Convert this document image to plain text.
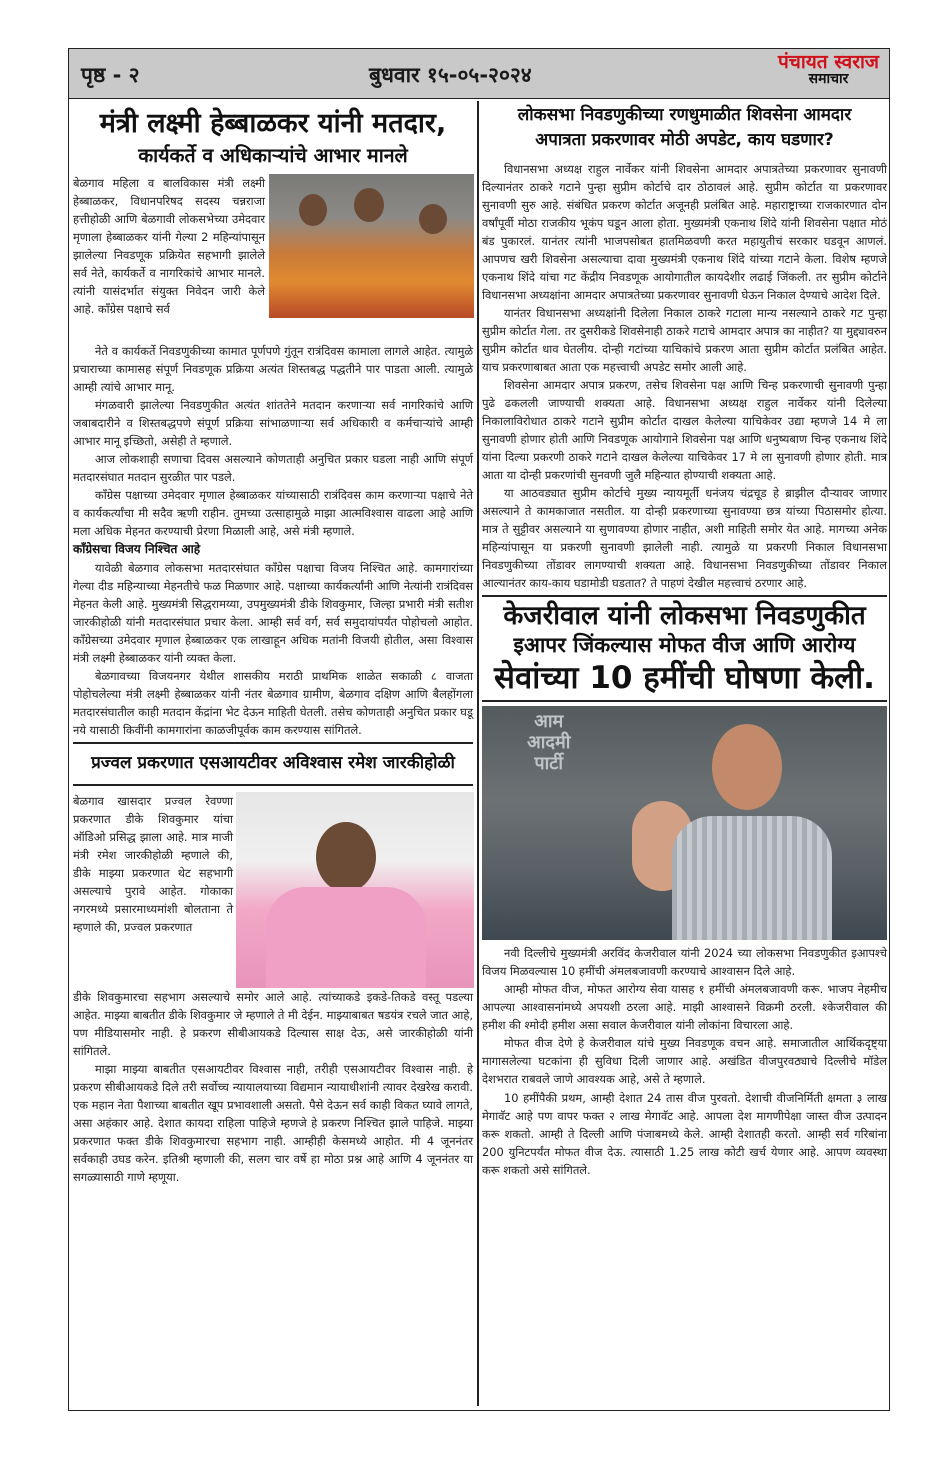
पृष्ठ - २	बुधवार १५-०५-२०२४
पंचायत स्वराज
समाचार
मंत्री लक्ष्मी हेब्बाळकर यांनी मतदार,
कार्यकर्ते व अधिकाऱ्यांचे आभार मानले
बेळगाव महिला व बालविकास मंत्री लक्ष्मी हेब्बाळकर, विधानपरिषद सदस्य चन्नराजा हत्तीहोळी आणि बेळगावी लोकसभेच्या उमेदवार मृणाला हेब्बाळकर यांनी गेल्या 2 महिन्यांपासून झालेल्या निवडणूक प्रक्रियेत सहभागी झालेले सर्व नेते, कार्यकर्ते व नागरिकांचे आभार मानले. त्यांनी यासंदर्भात संयुक्त निवेदन जारी केले आहे. काँग्रेस पक्षाचे सर्व

नेते व कार्यकर्ते निवडणुकीच्या कामात पूर्णपणे गुंतून रात्रंदिवस कामाला लागले आहेत. त्यामुळे प्रचाराच्या कामासह संपूर्ण निवडणूक प्रक्रिया अत्यंत शिस्तबद्ध पद्धतीने पार पाडता आली. त्यामुळे आम्ही त्यांचे आभार मानू.

मंगळवारी झालेल्या निवडणुकीत अत्यंत शांततेने मतदान करणाऱ्या सर्व नागरिकांचे आणि जबाबदारीने व शिस्तबद्धपणे संपूर्ण प्रक्रिया सांभाळणाऱ्या सर्व अधिकारी व कर्मचाऱ्यांचे आम्ही आभार मानू इच्छितो, असेही ते म्हणाले.

आज लोकशाही सणाचा दिवस असल्याने कोणताही अनुचित प्रकार घडला नाही आणि संपूर्ण मतदारसंघात मतदान सुरळीत पार पडले.

काँग्रेस पक्षाच्या उमेदवार मृणाल हेब्बाळकर यांच्यासाठी रात्रंदिवस काम करणाऱ्या पक्षाचे नेते व कार्यकर्त्यांचा मी सदैव ऋणी राहीन. तुमच्या उत्साहामुळे माझा आत्मविश्वास वाढला आहे आणि मला अधिक मेहनत करण्याची प्रेरणा मिळाली आहे, असे मंत्री म्हणाले.

काँग्रेसचा विजय निश्चित आहे

यावेळी बेळगाव लोकसभा मतदारसंघात काँग्रेस पक्षाचा विजय निश्चित आहे. कामगारांच्या गेल्या दीड महिन्याच्या मेहनतीचे फळ मिळणार आहे. पक्षाच्या कार्यकर्त्यांनी आणि नेत्यांनी रात्रंदिवस मेहनत केली आहे. मुख्यमंत्री सिद्धरामय्या, उपमुख्यमंत्री डीके शिवकुमार, जिल्हा प्रभारी मंत्री सतीश जारकीहोळी यांनी मतदारसंघात प्रचार केला. आम्ही सर्व वर्ग, सर्व समुदायांपर्यंत पोहोचलो आहोत. काँग्रेसच्या उमेदवार मृणाल हेब्बाळकर एक लाखाहून अधिक मतांनी विजयी होतील, असा विश्वास मंत्री लक्ष्मी हेब्बाळकर यांनी व्यक्त केला.

बेळगावच्या विजयनगर येथील शासकीय मराठी प्राथमिक शाळेत सकाळी ८ वाजता पोहोचलेल्या मंत्री लक्ष्मी हेब्बाळकर यांनी नंतर बेळगाव ग्रामीण, बेळगाव दक्षिण आणि बैलहोंगला मतदारसंघातील काही मतदान केंद्रांना भेट देऊन माहिती घेतली. तसेच कोणताही अनुचित प्रकार घडू नये यासाठी किवींनी कामगारांना काळजीपूर्वक काम करण्यास सांगितले.

प्रज्वल प्रकरणात एसआयटीवर अविश्वास रमेश जारकीहोळी
बेळगाव खासदार प्रज्वल रेवण्णा प्रकरणात डीके शिवकुमार यांचा ऑडिओ प्रसिद्ध झाला आहे. मात्र माजी मंत्री रमेश जारकीहोळी म्हणाले की, डीके माझ्या प्रकरणात थेट सहभागी असल्याचे पुरावे आहेत. गोकाका नगरमध्ये प्रसारमाध्यमांशी बोलताना ते म्हणाले की, प्रज्वल प्रकरणात

डीके शिवकुमारचा सहभाग असल्याचे समोर आले आहे. त्यांच्याकडे इकडे-तिकडे वस्तू पडल्या आहेत. माझ्या बाबतीत डीके शिवकुमार जे म्हणाले ते मी देईन. माझ्याबाबत षडयंत्र रचले जात आहे, पण मीडियासमोर नाही. हे प्रकरण सीबीआयकडे दिल्यास साक्ष देऊ, असे जारकीहोळी यांनी सांगितले.

माझा माझ्या बाबतीत एसआयटीवर विश्वास नाही, तरीही एसआयटीवर विश्वास नाही. हे प्रकरण सीबीआयकडे दिले तरी सर्वोच्च न्यायालयाच्या विद्यमान न्यायाधीशांनी त्यावर देखरेख करावी. एक महान नेता पैशाच्या बाबतीत खूप प्रभावशाली असतो. पैसे देऊन सर्व काही विकत घ्यावे लागते, असा अहंकार आहे. देशात कायदा राहिला पाहिजे म्हणजे हे प्रकरण निश्चित झाले पाहिजे. माझ्या प्रकरणात फक्त डीके शिवकुमारचा सहभाग नाही. आम्हीही केसमध्ये आहोत. मी 4 जूननंतर सर्वकाही उघड करेन. इतिश्री म्हणाली की, सलग चार वर्षे हा मोठा प्रश्न आहे आणि 4 जूननंतर या सगळ्यासाठी गाणे म्हणूया.

लोकसभा निवडणुकीच्या रणधुमाळीत शिवसेना आमदार
अपात्रता प्रकरणावर मोठी अपडेट, काय घडणार?

विधानसभा अध्यक्ष राहुल नार्वेकर यांनी शिवसेना आमदार अपात्रतेच्या प्रकरणावर सुनावणी दिल्यानंतर ठाकरे गटाने पुन्हा सुप्रीम कोर्टाचे दार ठोठावलं आहे. सुप्रीम कोर्टात या प्रकरणावर सुनावणी सुरु आहे. संबंधित प्रकरण कोर्टात अजूनही प्रलंबित आहे. महाराष्ट्राच्या राजकारणात दोन वर्षांपूर्वी मोठा राजकीय भूकंप घडून आला होता. मुख्यमंत्री एकनाथ शिंदे यांनी शिवसेना पक्षात मोठं बंड पुकारलं. यानंतर त्यांनी भाजपसोबत हातमिळवणी करत महायुतीचं सरकार घडवून आणलं. आपणच खरी शिवसेना असल्याचा दावा मुख्यमंत्री एकनाथ शिंदे यांच्या गटाने केला. विशेष म्हणजे एकनाथ शिंदे यांचा गट केंद्रीय निवडणूक आयोगातील कायदेशीर लढाई जिंकली. तर सुप्रीम कोर्टाने विधानसभा अध्यक्षांना आमदार अपात्रतेच्या प्रकरणावर सुनावणी घेऊन निकाल देण्याचे आदेश दिले.

यानंतर विधानसभा अध्यक्षांनी दिलेला निकाल ठाकरे गटाला मान्य नसल्याने ठाकरे गट पुन्हा सुप्रीम कोर्टात गेला. तर दुसरीकडे शिवसेनाही ठाकरे गटाचे आमदार अपात्र का नाहीत? या मुद्द्यावरुन सुप्रीम कोर्टात धाव घेतलीय. दोन्ही गटांच्या याचिकांचे प्रकरण आता सुप्रीम कोर्टात प्रलंबित आहेत. याच प्रकरणाबाबत आता एक महत्त्वाची अपडेट समोर आली आहे.

शिवसेना आमदार अपात्र प्रकरण, तसेच शिवसेना पक्ष आणि चिन्ह प्रकरणाची सुनावणी पुन्हा पुढे ढकलली जाण्याची शक्यता आहे. विधानसभा अध्यक्ष राहुल नार्वेकर यांनी दिलेल्या निकालाविरोधात ठाकरे गटाने सुप्रीम कोर्टात दाखल केलेल्या याचिकेवर उद्या म्हणजे 14 मे ला सुनावणी होणार होती आणि निवडणूक आयोगाने शिवसेना पक्ष आणि धनुष्यबाण चिन्ह एकनाथ शिंदे यांना दिल्या प्रकरणी ठाकरे गटाने दाखल केलेल्या याचिकेवर 17 मे ला सुनावणी होणार होती. मात्र आता या दोन्ही प्रकरणांची सुनवणी जुलै महिन्यात होण्याची शक्यता आहे.

या आठवड्यात सुप्रीम कोर्टाचे मुख्य न्यायमूर्ती धनंजय चंद्रचूड हे ब्राझील दौऱ्यावर जाणार असल्याने ते कामकाजात नसतील. या दोन्ही प्रकरणाच्या सुनावण्या छत्र यांच्या पिठासमोर होत्या. मात्र ते सुट्टीवर असल्याने या सुणावण्या होणार नाहीत, अशी माहिती समोर येत आहे. मागच्या अनेक महिन्यांपासून या प्रकरणी सुनावणी झालेली नाही. त्यामुळे या प्रकरणी निकाल विधानसभा निवडणुकीच्या तोंडावर लागण्याची शक्यता आहे. विधानसभा निवडणुकीच्या तोंडावर निकाल आल्यानंतर काय-काय घडामोडी घडतात? ते पाहणं देखील महत्त्वाचं ठरणार आहे.

केजरीवाल यांनी लोकसभा निवडणुकीत
इआपर जिंकल्यास मोफत वीज आणि आरोग्य
सेवांच्या 10 हमींची घोषणा केली.
आम
आदमी
पार्टी

नवी दिल्लीचे मुख्यमंत्री अरविंद केजरीवाल यांनी 2024 च्या लोकसभा निवडणुकीत इआपश्चे विजय मिळवल्यास 10 हमींची अंमलबजावणी करण्याचे आश्वासन दिले आहे.

आम्ही मोफत वीज, मोफत आरोग्य सेवा यासह १ हमींची अंमलबजावणी करू. भाजप नेहमीच आपल्या आश्वासनांमध्ये अपयशी ठरला आहे. माझी आश्वासने विक्रमी ठरली. श्केजरीवाल की हमीश की श्मोदी हमीश असा सवाल केजरीवाल यांनी लोकांना विचारला आहे.

मोफत वीज देणे हे केजरीवाल यांचे मुख्य निवडणूक वचन आहे. समाजातील आर्थिकदृष्ट्या मागासलेल्या घटकांना ही सुविधा दिली जाणार आहे. अखंडित वीजपुरवठ्याचे दिल्लीचे मॉडेल देशभरात राबवले जाणे आवश्यक आहे, असे ते म्हणाले.

10 हमींपैकी प्रथम, आम्ही देशात 24 तास वीज पुरवतो. देशाची वीजनिर्मिती क्षमता ३ लाख मेगावॅट आहे पण वापर फक्त २ लाख मेगावॅट आहे. आपला देश मागणीपेक्षा जास्त वीज उत्पादन करू शकतो. आम्ही ते दिल्ली आणि पंजाबमध्ये केले. आम्ही देशातही करतो. आम्ही सर्व गरिबांना 200 युनिटपर्यंत मोफत वीज देऊ. त्यासाठी 1.25 लाख कोटी खर्च येणार आहे. आपण व्यवस्था करू शकतो असे सांगितले.
